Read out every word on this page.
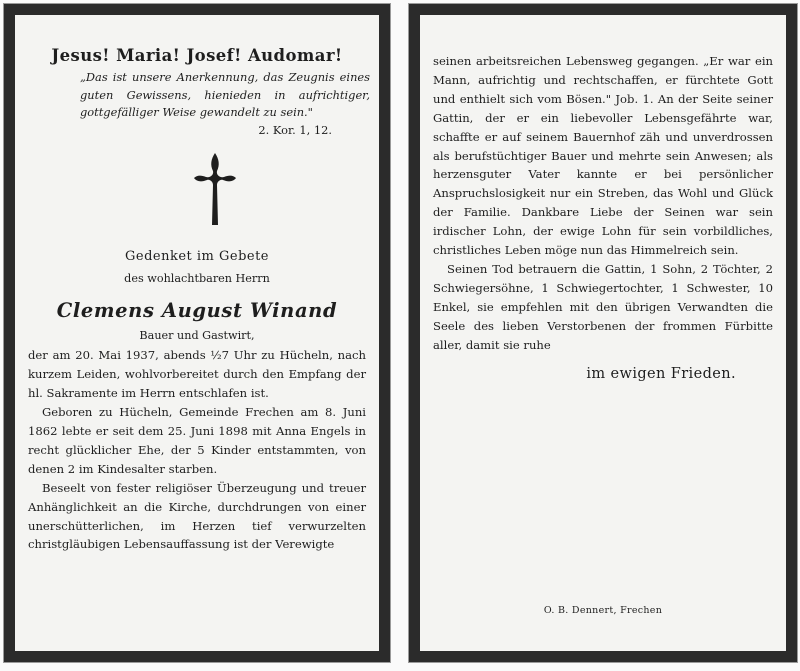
Jesus! Maria! Josef! Audomar!

„Das ist unsere Anerkennung, das Zeugnis eines guten Gewissens, hienieden in aufrichtiger, gottgefälliger Weise gewandelt zu sein."

2. Kor. 1, 12.

Gedenket im Gebete

des wohlachtbaren Herrn

Clemens August Winand

Bauer und Gastwirt,

der am 20. Mai 1937, abends ½7 Uhr zu Hücheln, nach kurzem Leiden, wohlvorbereitet durch den Empfang der hl. Sakramente im Herrn entschlafen ist.

Geboren zu Hücheln, Gemeinde Frechen am 8. Juni 1862 lebte er seit dem 25. Juni 1898 mit Anna Engels in recht glücklicher Ehe, der 5 Kinder entstammten, von denen 2 im Kindesalter starben.

Beseelt von fester religiöser Überzeugung und treuer Anhänglichkeit an die Kirche, durchdrungen von einer unerschütterlichen, im Herzen tief verwurzelten christgläubigen Lebensauffassung ist der Verewigte

seinen arbeitsreichen Lebensweg gegangen. „Er war ein Mann, aufrichtig und rechtschaffen, er fürchtete Gott und enthielt sich vom Bösen." Job. 1. An der Seite seiner Gattin, der er ein liebevoller Lebensgefährte war, schaffte er auf seinem Bauernhof zäh und unverdrossen als berufstüchtiger Bauer und mehrte sein Anwesen; als herzensguter Vater kannte er bei persönlicher Anspruchslosigkeit nur ein Streben, das Wohl und Glück der Familie. Dankbare Liebe der Seinen war sein irdischer Lohn, der ewige Lohn für sein vorbildliches, christliches Leben möge nun das Himmelreich sein.

Seinen Tod betrauern die Gattin, 1 Sohn, 2 Töchter, 2 Schwiegersöhne, 1 Schwiegertochter, 1 Schwester, 10 Enkel, sie empfehlen mit den übrigen Verwandten die Seele des lieben Verstorbenen der frommen Fürbitte aller, damit sie ruhe

im ewigen Frieden.
O. B. Dennert, Frechen
